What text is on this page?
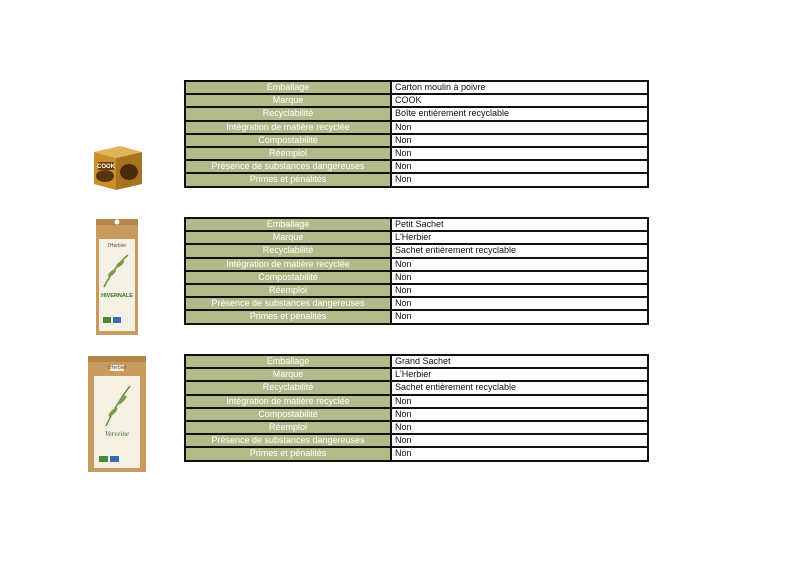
COOK
Emballage	Carton moulin à poivre
Marque	COOK
Recyclabilité	Boîte entièrement recyclable
Intégration de matière recyclée	Non
Compostabilité	Non
Réemploi	Non
Présence de substances dangereuses	Non
Primes et pénalités	Non
l'Herbier
HIVERNALE
Emballage	Petit Sachet
Marque	L'Herbier
Recyclabilité	Sachet entièrement recyclable
Intégration de matière recyclée	Non
Compostabilité	Non
Réemploi	Non
Présence de substances dangereuses	Non
Primes et pénalités	Non
l'Herbier
Verveine
Emballage	Grand Sachet
Marque	L'Herbier
Recyclabilité	Sachet entièrement recyclable
Intégration de matière recyclée	Non
Compostabilité	Non
Réemploi	Non
Présence de substances dangereuses	Non
Primes et pénalités	Non
